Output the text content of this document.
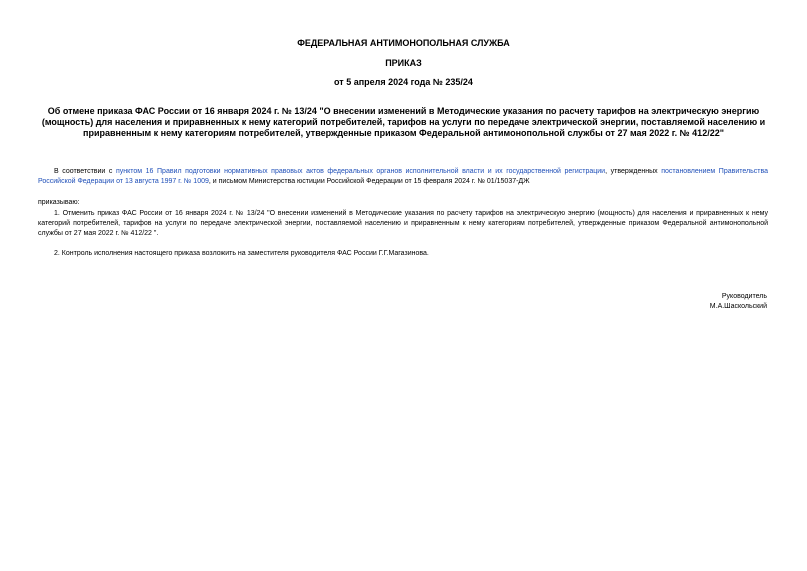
ФЕДЕРАЛЬНАЯ АНТИМОНОПОЛЬНАЯ СЛУЖБА
ПРИКАЗ
от 5 апреля 2024 года № 235/24
Об отмене приказа ФАС России от 16 января 2024 г. № 13/24 "О внесении изменений в Методические указания по расчету тарифов на электрическую энергию (мощность) для населения и приравненных к нему категорий потребителей, тарифов на услуги по передаче электрической энергии, поставляемой населению и приравненным к нему категориям потребителей, утвержденные приказом Федеральной антимонопольной службы от 27 мая 2022 г. № 412/22"
В соответствии с пунктом 16 Правил подготовки нормативных правовых актов федеральных органов исполнительной власти и их государственной регистрации, утвержденных постановлением Правительства Российской Федерации от 13 августа 1997 г. № 1009, и письмом Министерства юстиции Российской Федерации от 15 февраля 2024 г. № 01/15037-ДЖ
приказываю:
1. Отменить приказ ФАС России от 16 января 2024 г. № 13/24 "О внесении изменений в Методические указания по расчету тарифов на электрическую энергию (мощность) для населения и приравненных к нему категорий потребителей, тарифов на услуги по передаче электрической энергии, поставляемой населению и приравненным к нему категориям потребителей, утвержденные приказом Федеральной антимонопольной службы от 27 мая 2022 г. № 412/22 ".
2. Контроль исполнения настоящего приказа возложить на заместителя руководителя ФАС России Г.Г.Магазинова.
Руководитель
М.А.Шаскольский
